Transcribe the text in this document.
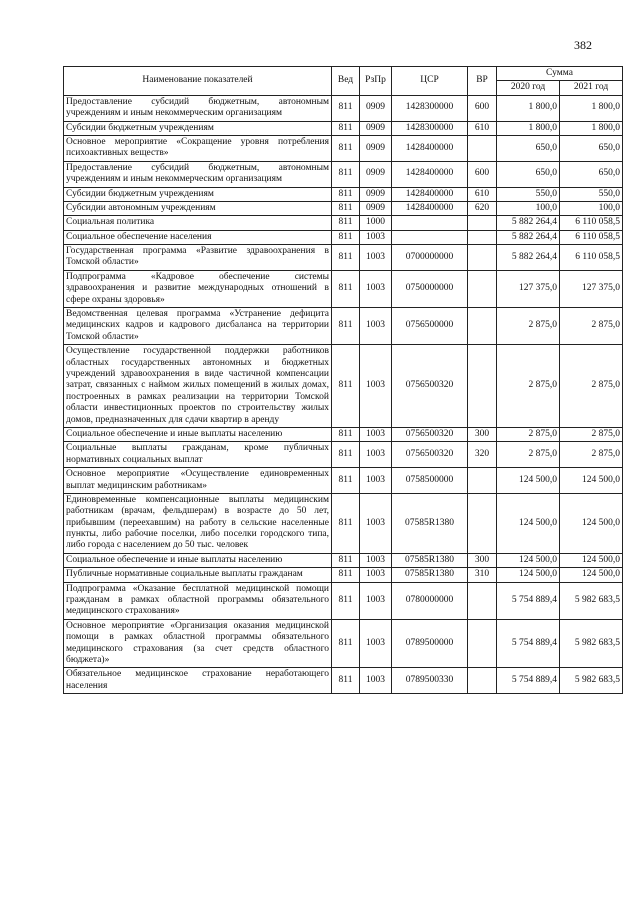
382
Наименование показателей	Вед	РзПр	ЦСР	ВР	Сумма	
					2020 год	2021 год
Предоставление субсидий бюджетным, автономным учреждениям и иным некоммерческим организациям	811	0909	1428300000	600	1 800,0	1 800,0
Субсидии бюджетным учреждениям	811	0909	1428300000	610	1 800,0	1 800,0
Основное мероприятие «Сокращение уровня потребления психоактивных веществ»	811	0909	1428400000		650,0	650,0
Предоставление субсидий бюджетным, автономным учреждениям и иным некоммерческим организациям	811	0909	1428400000	600	650,0	650,0
Субсидии бюджетным учреждениям	811	0909	1428400000	610	550,0	550,0
Субсидии автономным учреждениям	811	0909	1428400000	620	100,0	100,0
Социальная политика	811	1000			5 882 264,4	6 110 058,5
Социальное обеспечение населения	811	1003			5 882 264,4	6 110 058,5
Государственная программа «Развитие здравоохранения в Томской области»	811	1003	0700000000		5 882 264,4	6 110 058,5
Подпрограмма «Кадровое обеспечение системы здравоохранения и развитие международных отношений в сфере охраны здоровья»	811	1003	0750000000		127 375,0	127 375,0
Ведомственная целевая программа «Устранение дефицита медицинских кадров и кадрового дисбаланса на территории Томской области»	811	1003	0756500000		2 875,0	2 875,0
Осуществление государственной поддержки работников областных государственных автономных и бюджетных учреждений здравоохранения в виде частичной компенсации затрат, связанных с наймом жилых помещений в жилых домах, построенных в рамках реализации на территории Томской области инвестиционных проектов по строительству жилых домов, предназначенных для сдачи квартир в аренду	811	1003	0756500320		2 875,0	2 875,0
Социальное обеспечение и иные выплаты населению	811	1003	0756500320	300	2 875,0	2 875,0
Социальные выплаты гражданам, кроме публичных нормативных социальных выплат	811	1003	0756500320	320	2 875,0	2 875,0
Основное мероприятие «Осуществление единовременных выплат медицинским работникам»	811	1003	0758500000		124 500,0	124 500,0
Единовременные компенсационные выплаты медицинским работникам (врачам, фельдшерам) в возрасте до 50 лет, прибывшим (переехавшим) на работу в сельские населенные пункты, либо рабочие поселки, либо поселки городского типа, либо города с населением до 50 тыс. человек	811	1003	07585R1380		124 500,0	124 500,0
Социальное обеспечение и иные выплаты населению	811	1003	07585R1380	300	124 500,0	124 500,0
Публичные нормативные социальные выплаты гражданам	811	1003	07585R1380	310	124 500,0	124 500,0
Подпрограмма «Оказание бесплатной медицинской помощи гражданам в рамках областной программы обязательного медицинского страхования»	811	1003	0780000000		5 754 889,4	5 982 683,5
Основное мероприятие «Организация оказания медицинской помощи в рамках областной программы обязательного медицинского страхования (за счет средств областного бюджета)»	811	1003	0789500000		5 754 889,4	5 982 683,5
Обязательное медицинское страхование неработающего населения	811	1003	0789500330		5 754 889,4	5 982 683,5
